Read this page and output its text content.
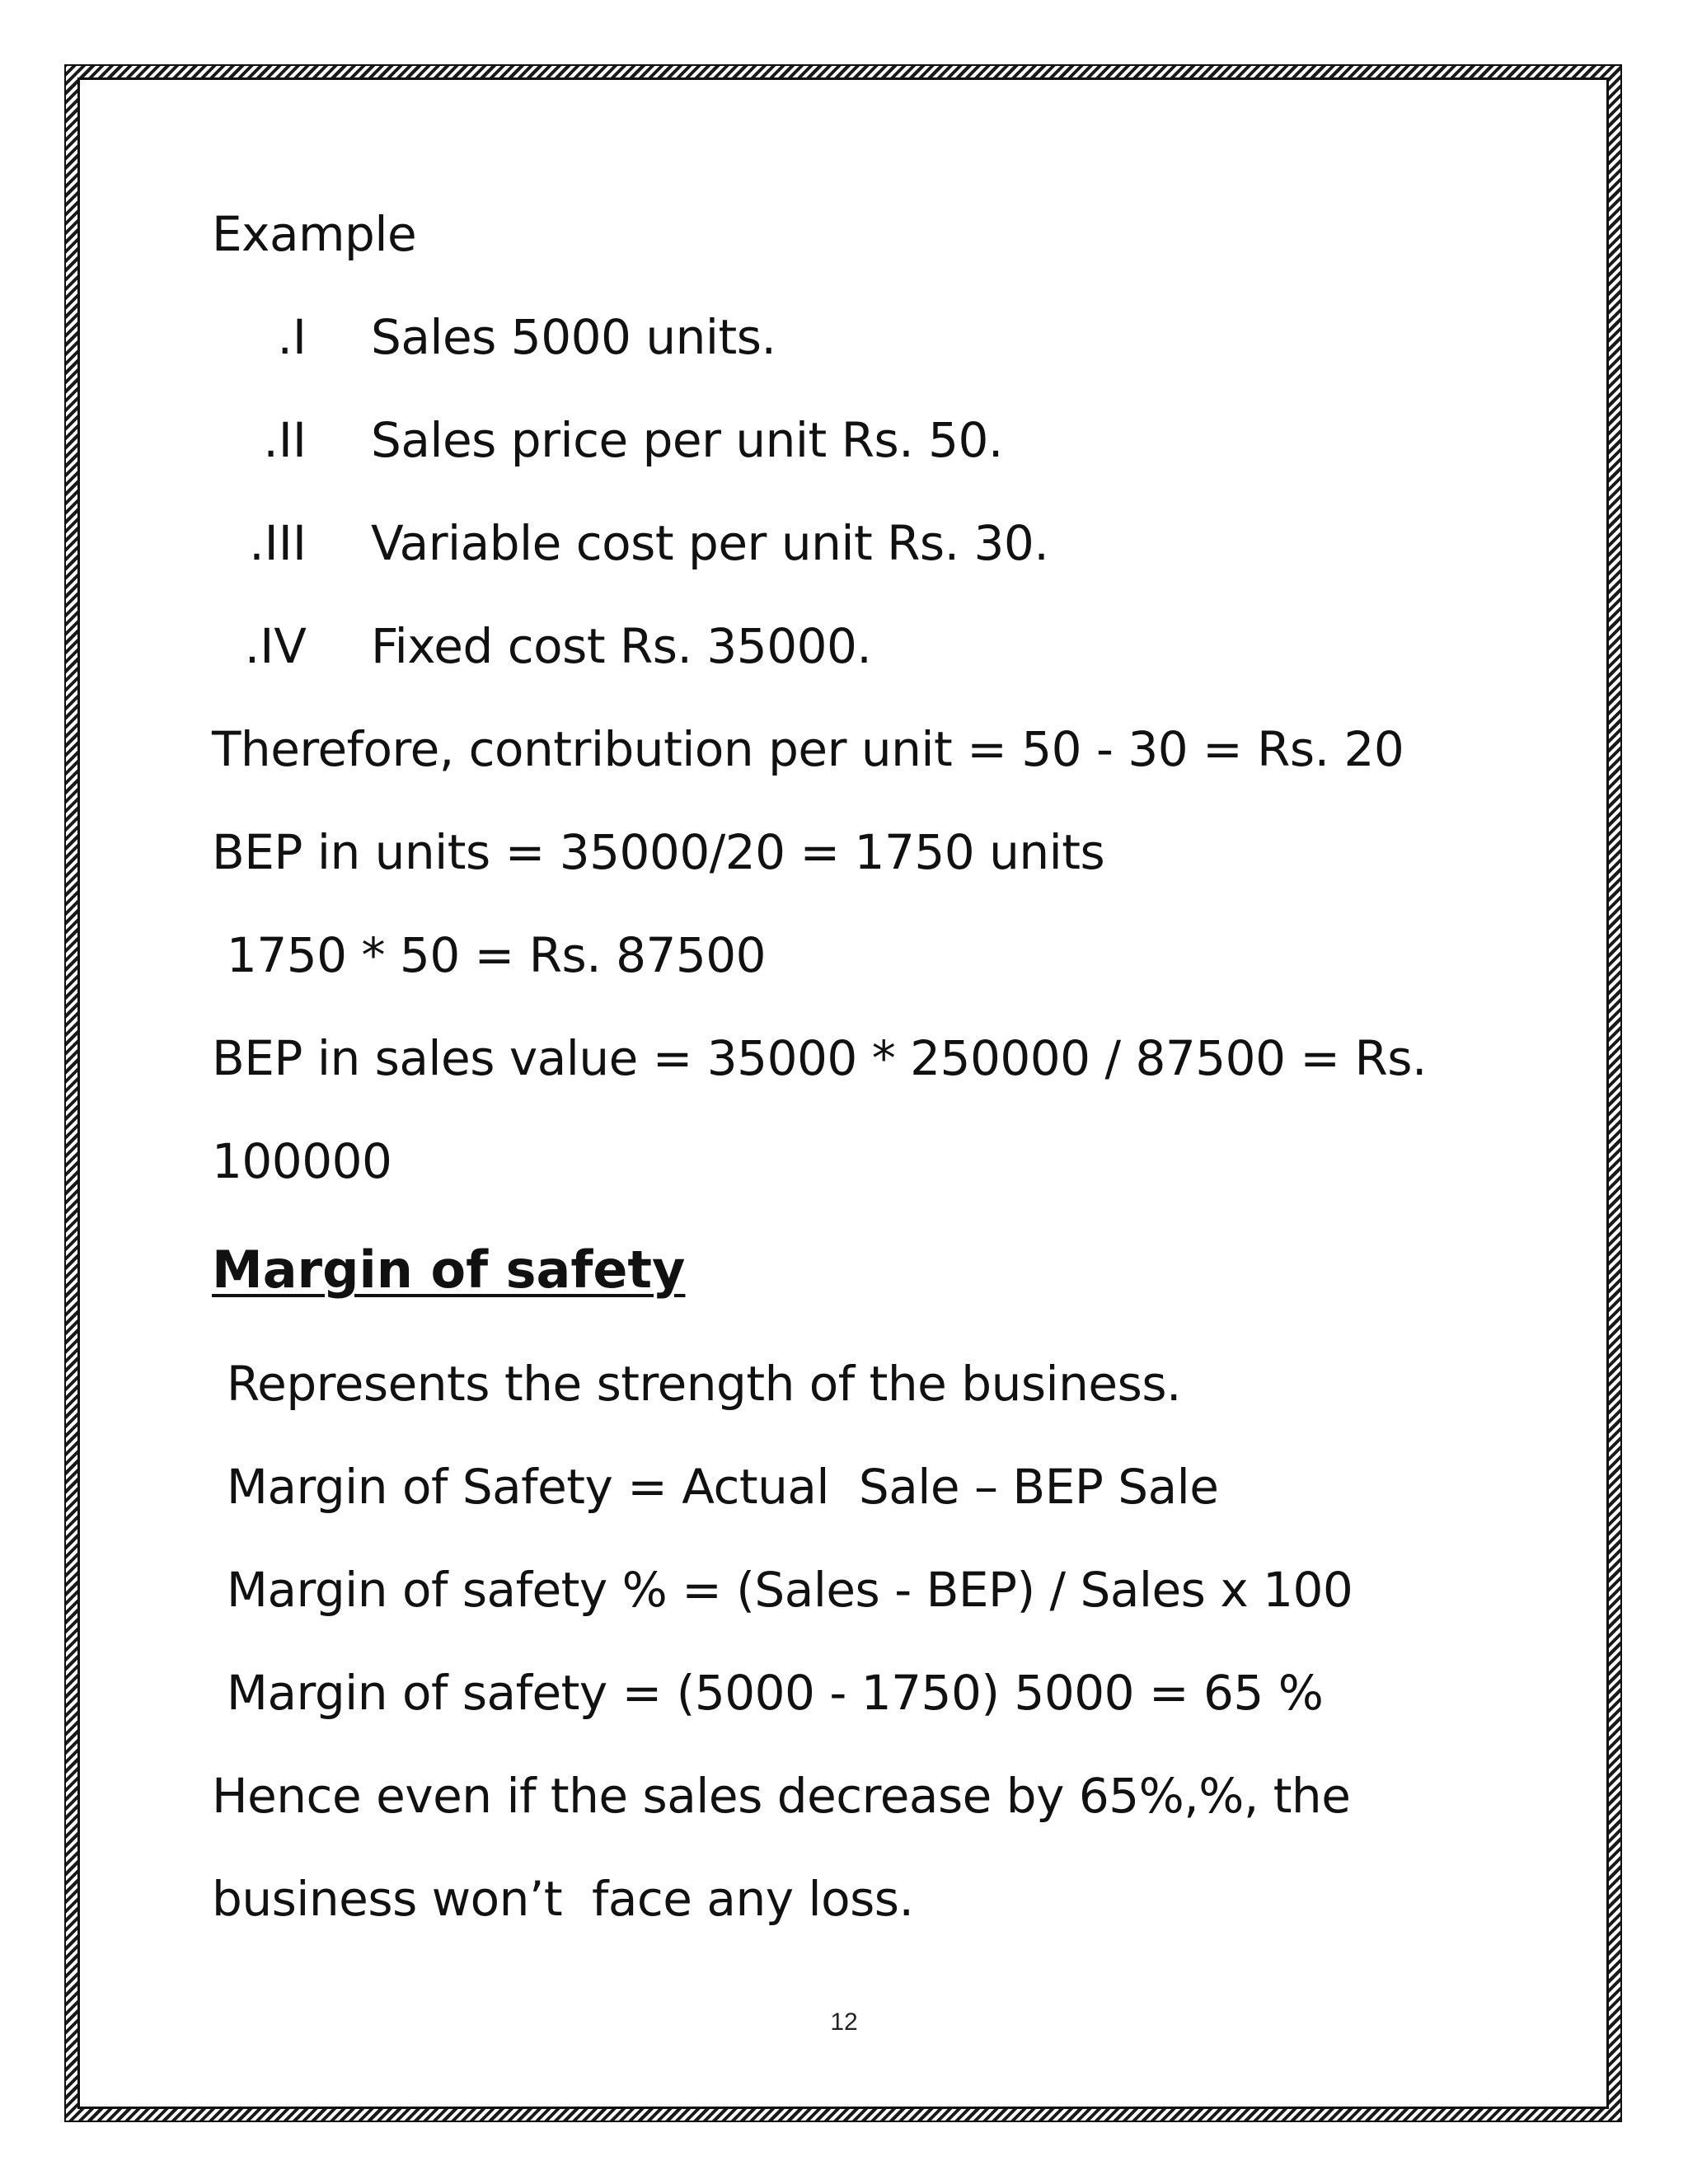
Example
Sales 5000 units.
Sales price per unit Rs. 50.
Variable cost per unit Rs. 30.
Fixed cost Rs. 35000.
Therefore, contribution per unit = 50 - 30 = Rs. 20
BEP in units = 35000/20 = 1750 units
1750 * 50 = Rs. 87500
BEP in sales value = 35000 * 250000 / 87500 = Rs.
100000
Margin of safety
Represents the strength of the business.
Margin of Safety = Actual  Sale – BEP Sale
Margin of safety % = (Sales - BEP) / Sales x 100
Margin of safety = (5000 - 1750) 5000 = 65 %
Hence even if the sales decrease by 65%,%, the
business won’t  face any loss.
12
